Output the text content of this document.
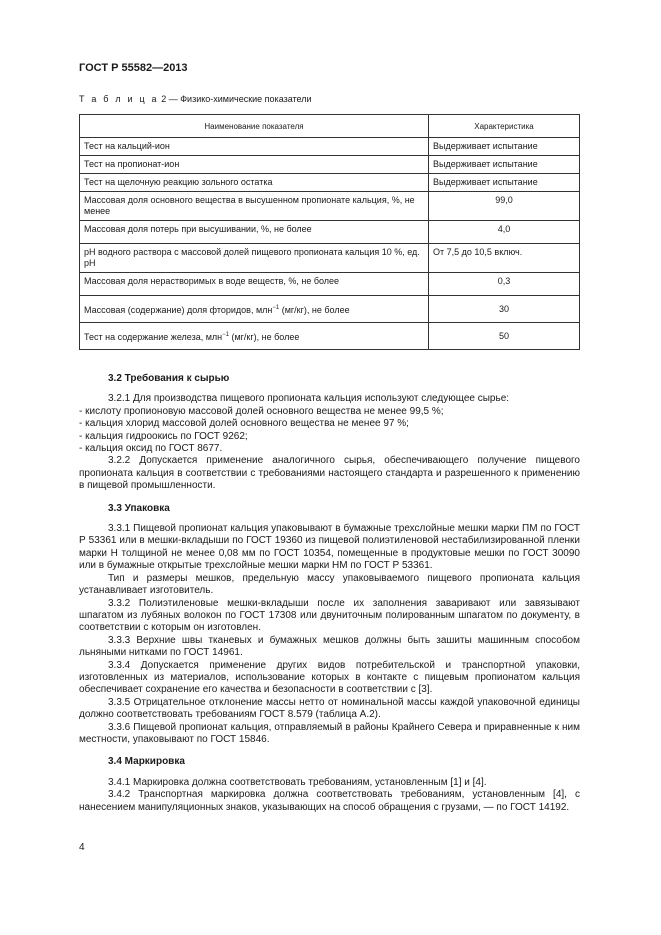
ГОСТ Р 55582—2013
Т а б л и ц а 2 — Физико-химические показатели
Наименование показателя	Характеристика
Тест на кальций-ион	Выдерживает испытание
Тест на пропионат-ион	Выдерживает испытание
Тест на щелочную реакцию зольного остатка	Выдерживает испытание
Массовая доля основного вещества в высушенном пропионате кальция, %, не менее	99,0
Массовая доля потерь при высушивании, %, не более	4,0
pH водного раствора с массовой долей пищевого пропионата кальция 10 %, ед. pH	От 7,5 до 10,5 включ.
Массовая доля нерастворимых в воде веществ, %, не более	0,3
Массовая (содержание) доля фторидов, млн$^{-1}$ (мг/кг), не более	30
Тест на содержание железа, млн$^{-1}$ (мг/кг), не более	50
3.2 Требования к сырью

3.2.1 Для производства пищевого пропионата кальция используют следующее сырье:

- кислоту пропионовую массовой долей основного вещества не менее 99,5 %;

- кальция хлорид массовой долей основного вещества не менее 97 %;

- кальция гидроокись по ГОСТ 9262;

- кальция оксид по ГОСТ 8677.

3.2.2 Допускается применение аналогичного сырья, обеспечивающего получение пищевого пропионата кальция в соответствии с требованиями настоящего стандарта и разрешенного к применению в пищевой промышленности.

3.3 Упаковка

3.3.1 Пищевой пропионат кальция упаковывают в бумажные трехслойные мешки марки ПМ по ГОСТ Р 53361 или в мешки-вкладыши по ГОСТ 19360 из пищевой полиэтиленовой нестабилизированной пленки марки Н толщиной не менее 0,08 мм по ГОСТ 10354, помещенные в продуктовые мешки по ГОСТ 30090 или в бумажные открытые трехслойные мешки марки НМ по ГОСТ Р 53361.

Тип и размеры мешков, предельную массу упаковываемого пищевого пропионата кальция устанавливает изготовитель.

3.3.2 Полиэтиленовые мешки-вкладыши после их заполнения заваривают или завязывают шпагатом из лубяных волокон по ГОСТ 17308 или двуниточным полированным шпагатом по документу, в соответствии с которым он изготовлен.

3.3.3 Верхние швы тканевых и бумажных мешков должны быть зашиты машинным способом льняными нитками по ГОСТ 14961.

3.3.4 Допускается применение других видов потребительской и транспортной упаковки, изготовленных из материалов, использование которых в контакте с пищевым пропионатом кальция обеспечивает сохранение его качества и безопасности в соответствии с [3].

3.3.5 Отрицательное отклонение массы нетто от номинальной массы каждой упаковочной единицы должно соответствовать требованиям ГОСТ 8.579 (таблица А.2).

3.3.6 Пищевой пропионат кальция, отправляемый в районы Крайнего Севера и приравненные к ним местности, упаковывают по ГОСТ 15846.

3.4 Маркировка

3.4.1 Маркировка должна соответствовать требованиям, установленным [1] и [4].

3.4.2 Транспортная маркировка должна соответствовать требованиям, установленным [4], с нанесением манипуляционных знаков, указывающих на способ обращения с грузами, — по ГОСТ 14192.

4
